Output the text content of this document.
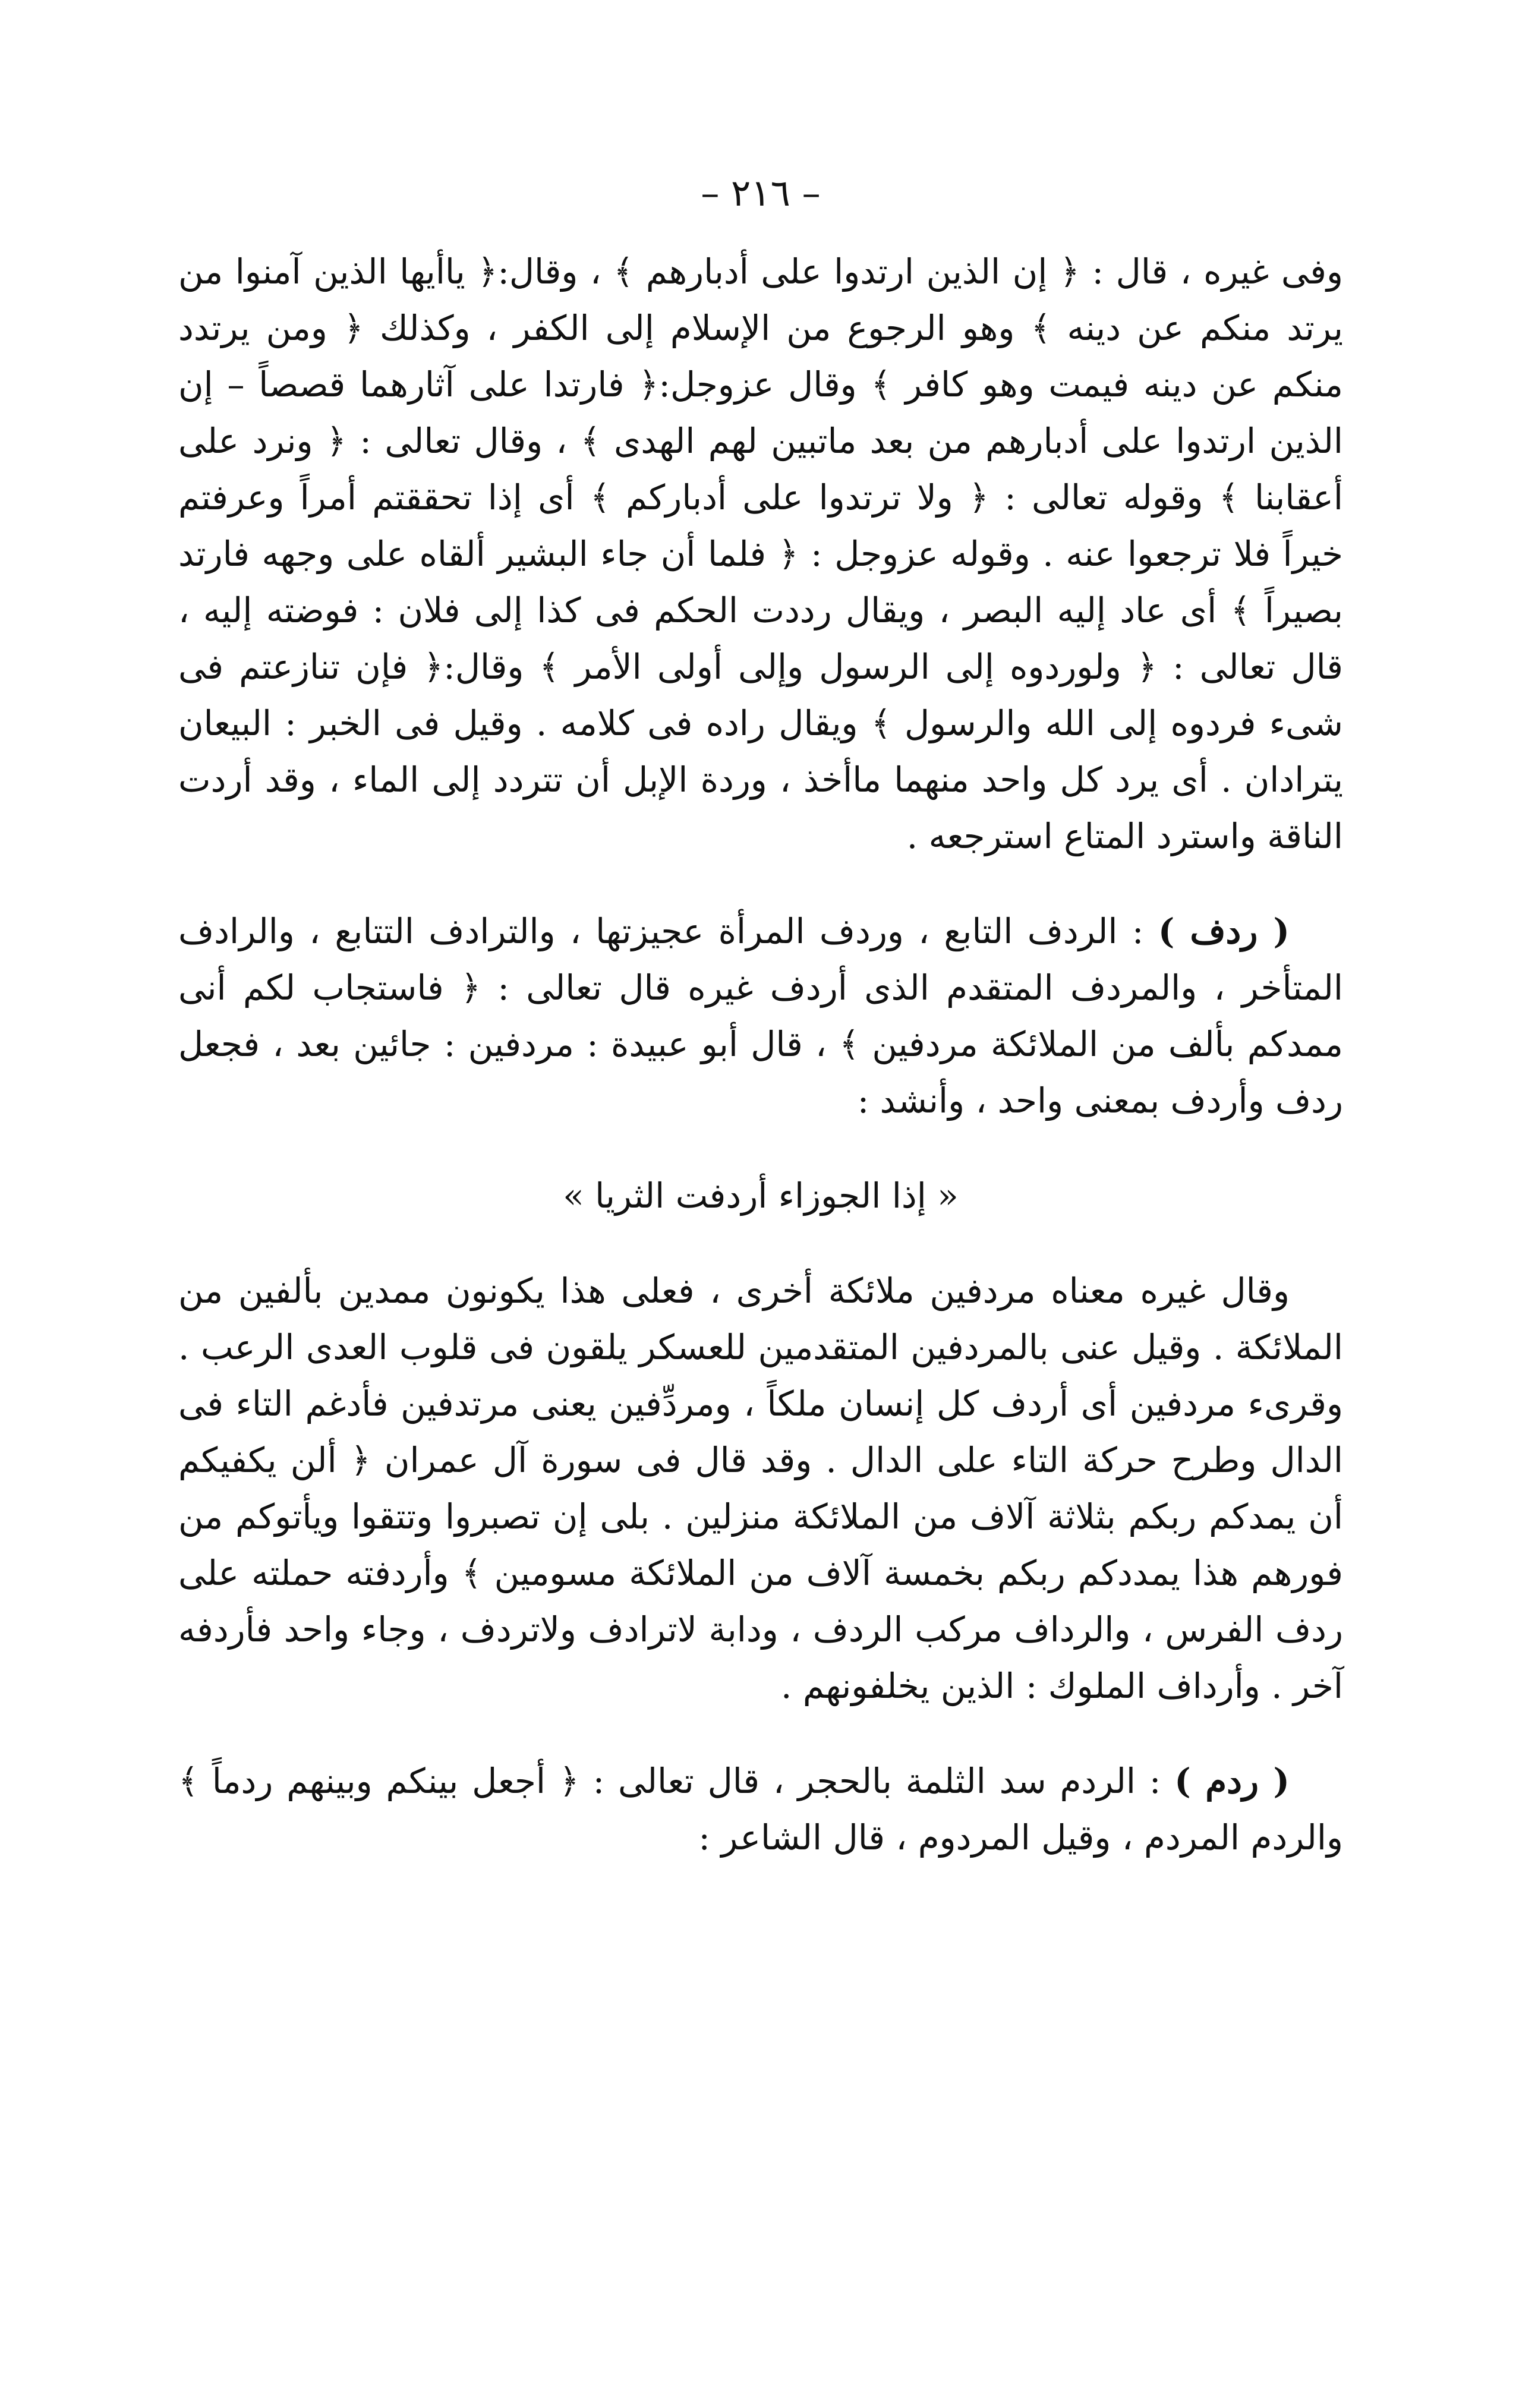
– ٢١٦ –

وفى غيره ، قال : ﴿ إن الذين ارتدوا على أدبارهم ﴾ ، وقال:﴿ ياأيها الذين آمنوا من يرتد منكم عن دينه ﴾ وهو الرجوع من الإسلام إلى الكفر ، وكذلك ﴿ ومن يرتدد منكم عن دينه فيمت وهو كافر ﴾ وقال عزوجل:﴿ فارتدا على آثارهما قصصاً – إن الذين ارتدوا على أدبارهم من بعد ماتبين لهم الهدى ﴾ ، وقال تعالى : ﴿ ونرد على أعقابنا ﴾ وقوله تعالى : ﴿ ولا ترتدوا على أدباركم ﴾ أى إذا تحققتم أمراً وعرفتم خيراً فلا ترجعوا عنه . وقوله عزوجل : ﴿ فلما أن جاء البشير ألقاه على وجهه فارتد بصيراً ﴾ أى عاد إليه البصر ، ويقال رددت الحكم فى كذا إلى فلان : فوضته إليه ، قال تعالى : ﴿ ولوردوه إلى الرسول وإلى أولى الأمر ﴾ وقال:﴿ فإن تنازعتم فى شىء فردوه إلى الله والرسول ﴾ ويقال راده فى كلامه . وقيل فى الخبر : البيعان يترادان . أى يرد كل واحد منهما ماأخذ ، وردة الإبل أن تتردد إلى الماء ، وقد أردت الناقة واسترد المتاع استرجعه .

( ردف ) : الردف التابع ، وردف المرأة عجيزتها ، والترادف التتابع ، والرادف المتأخر ، والمردف المتقدم الذى أردف غيره قال تعالى : ﴿ فاستجاب لكم أنى ممدكم بألف من الملائكة مردفين ﴾ ، قال أبو عبيدة : مردفين : جائين بعد ، فجعل ردف وأردف بمعنى واحد ، وأنشد :

« إذا الجوزاء أردفت الثريا »

وقال غيره معناه مردفين ملائكة أخرى ، فعلى هذا يكونون ممدين بألفين من الملائكة . وقيل عنى بالمردفين المتقدمين للعسكر يلقون فى قلوب العدى الرعب . وقرىء مردفين أى أردف كل إنسان ملكاً ، ومردِّفين يعنى مرتدفين فأدغم التاء فى الدال وطرح حركة التاء على الدال . وقد قال فى سورة آل عمران ﴿ ألن يكفيكم أن يمدكم ربكم بثلاثة آلاف من الملائكة منزلين . بلى إن تصبروا وتتقوا ويأتوكم من فورهم هذا يمددكم ربكم بخمسة آلاف من الملائكة مسومين ﴾ وأردفته حملته على ردف الفرس ، والرداف مركب الردف ، ودابة لاترادف ولاتردف ، وجاء واحد فأردفه آخر . وأرداف الملوك : الذين يخلفونهم .

( ردم ) : الردم سد الثلمة بالحجر ، قال تعالى : ﴿ أجعل بينكم وبينهم ردماً ﴾ والردم المردم ، وقيل المردوم ، قال الشاعر :
